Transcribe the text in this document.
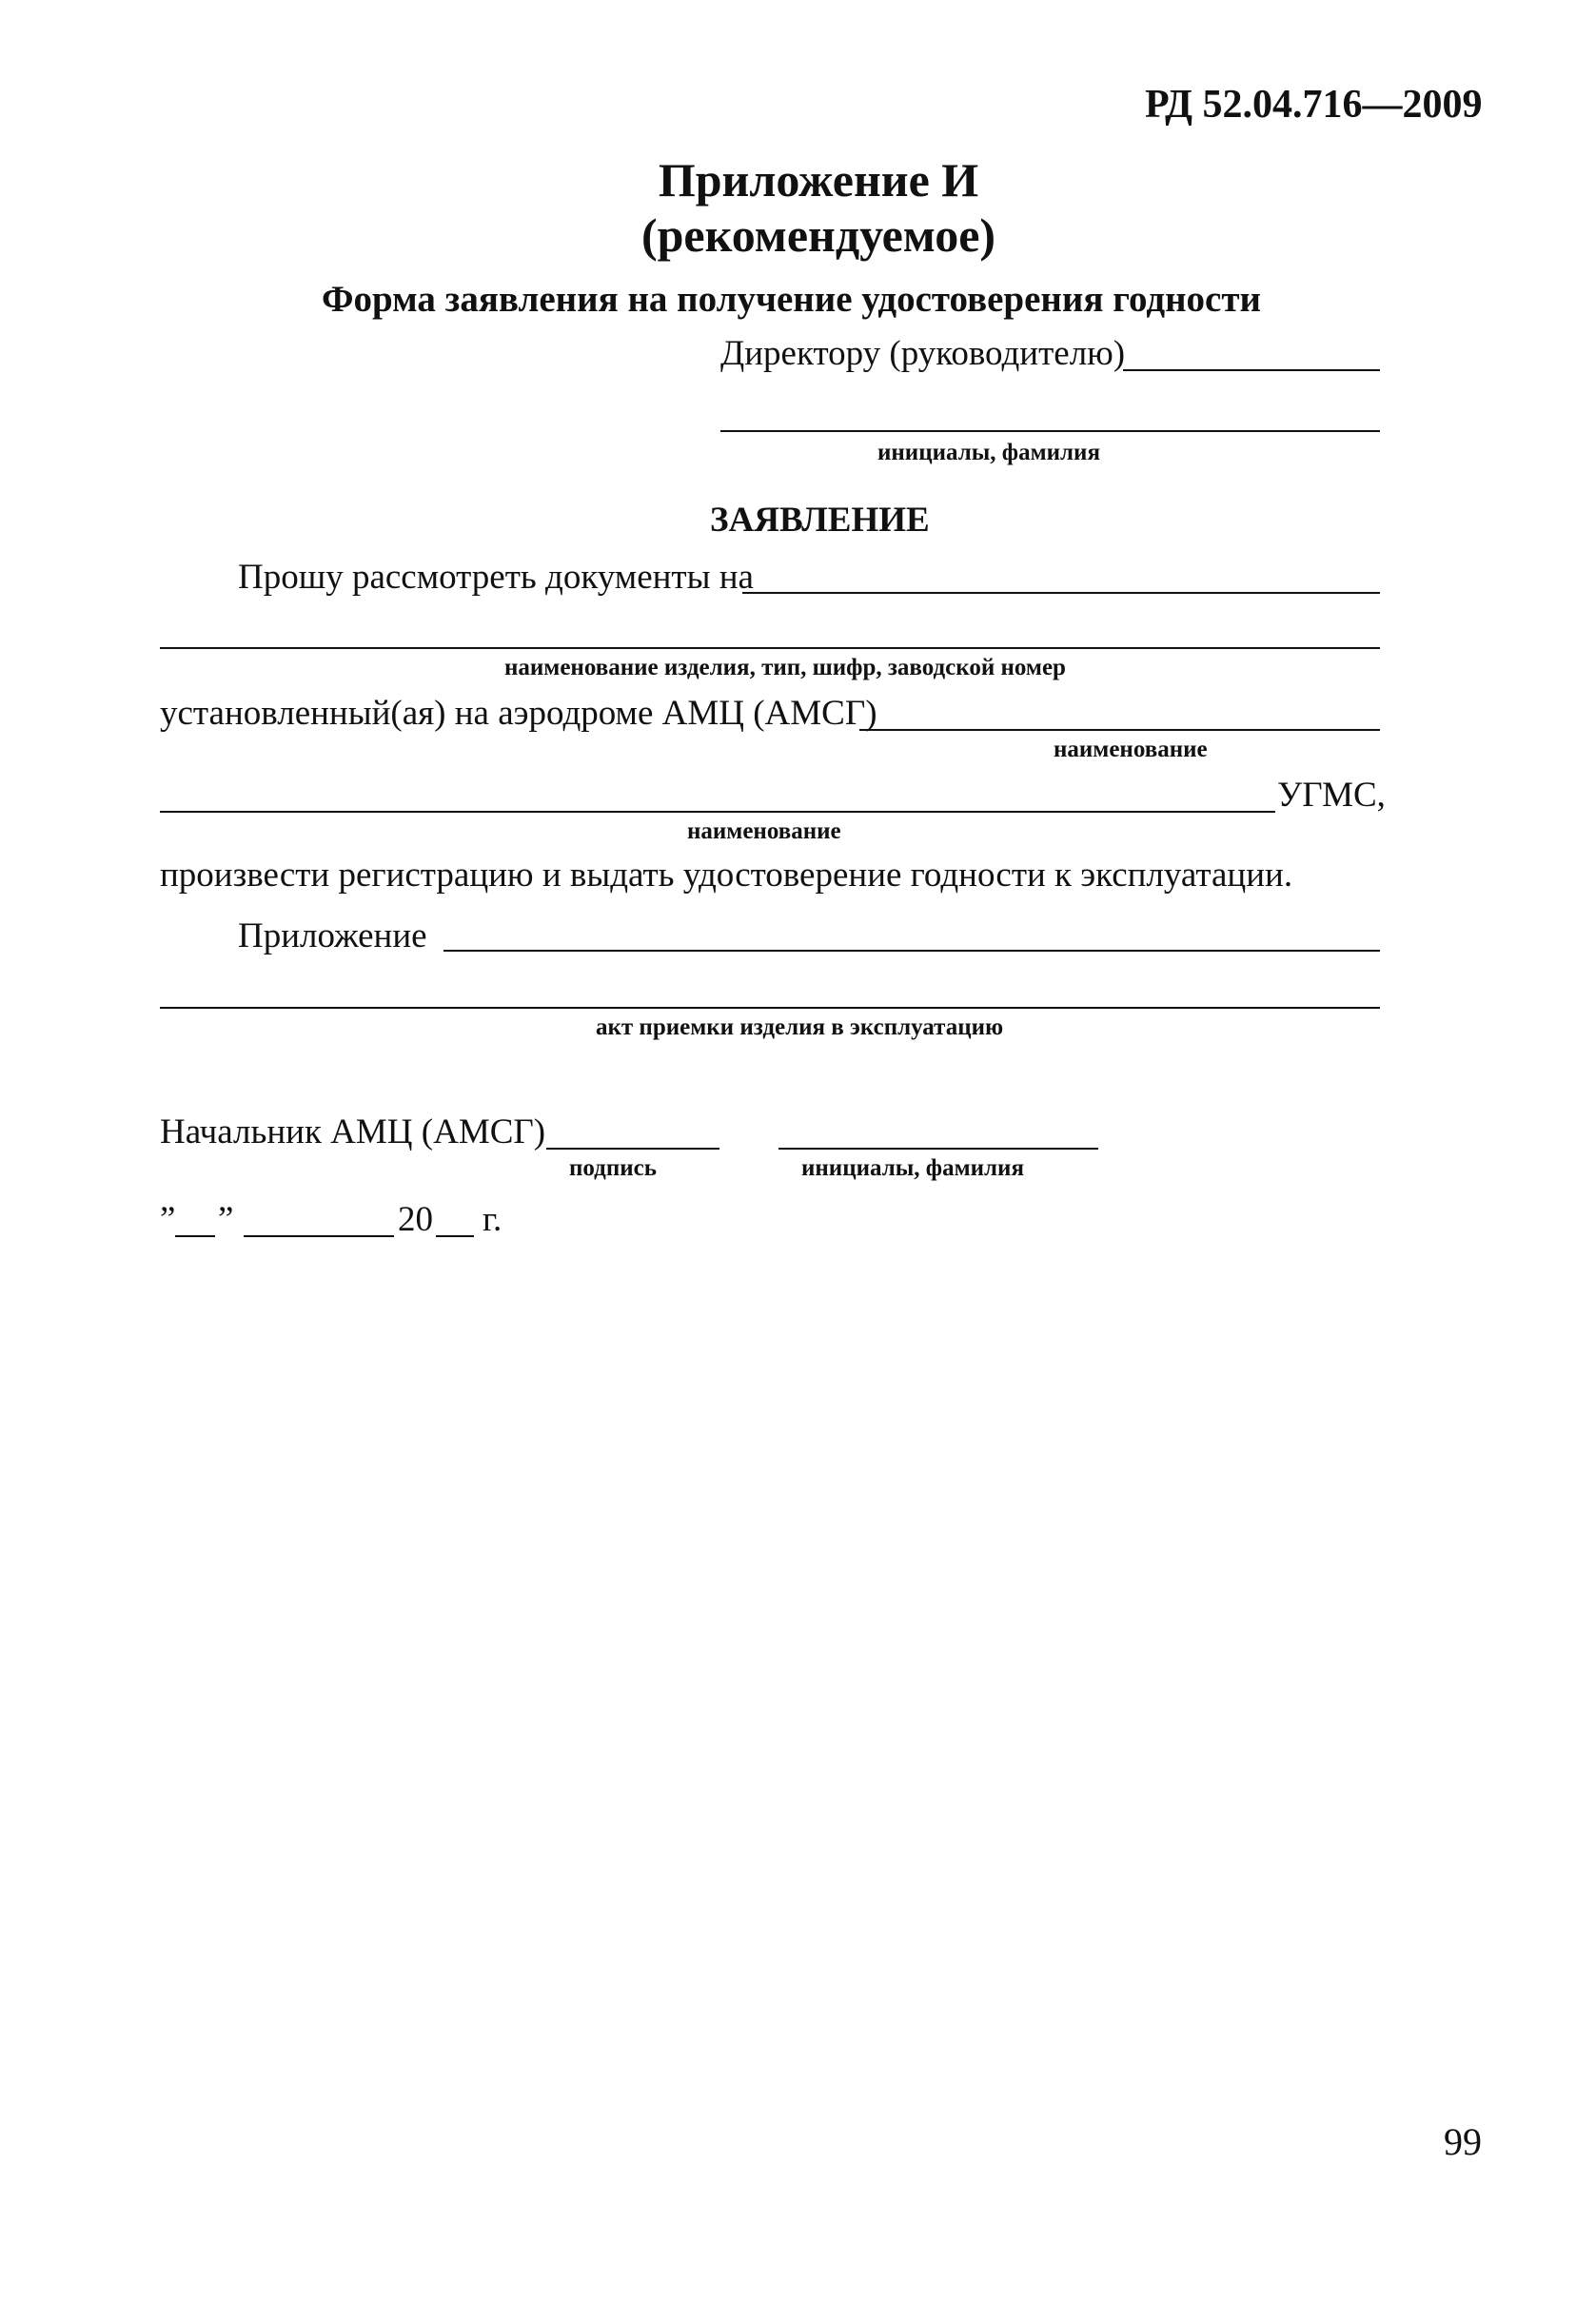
РД 52.04.716—2009
Приложение И
(рекомендуемое)
Форма заявления на получение удостоверения годности
Директору (руководителю)
инициалы, фамилия
ЗАЯВЛЕНИЕ
Прошу рассмотреть документы на
наименование изделия, тип, шифр, заводской номер
установленный(ая) на аэродроме АМЦ (АМСГ)
наименование
УГМС,
наименование
произвести регистрацию и выдать удостоверение годности к эксплуатации.
Приложение
акт приемки изделия в эксплуатацию
Начальник АМЦ (АМСГ)
подпись	инициалы, фамилия
” ”	20 г.
99
